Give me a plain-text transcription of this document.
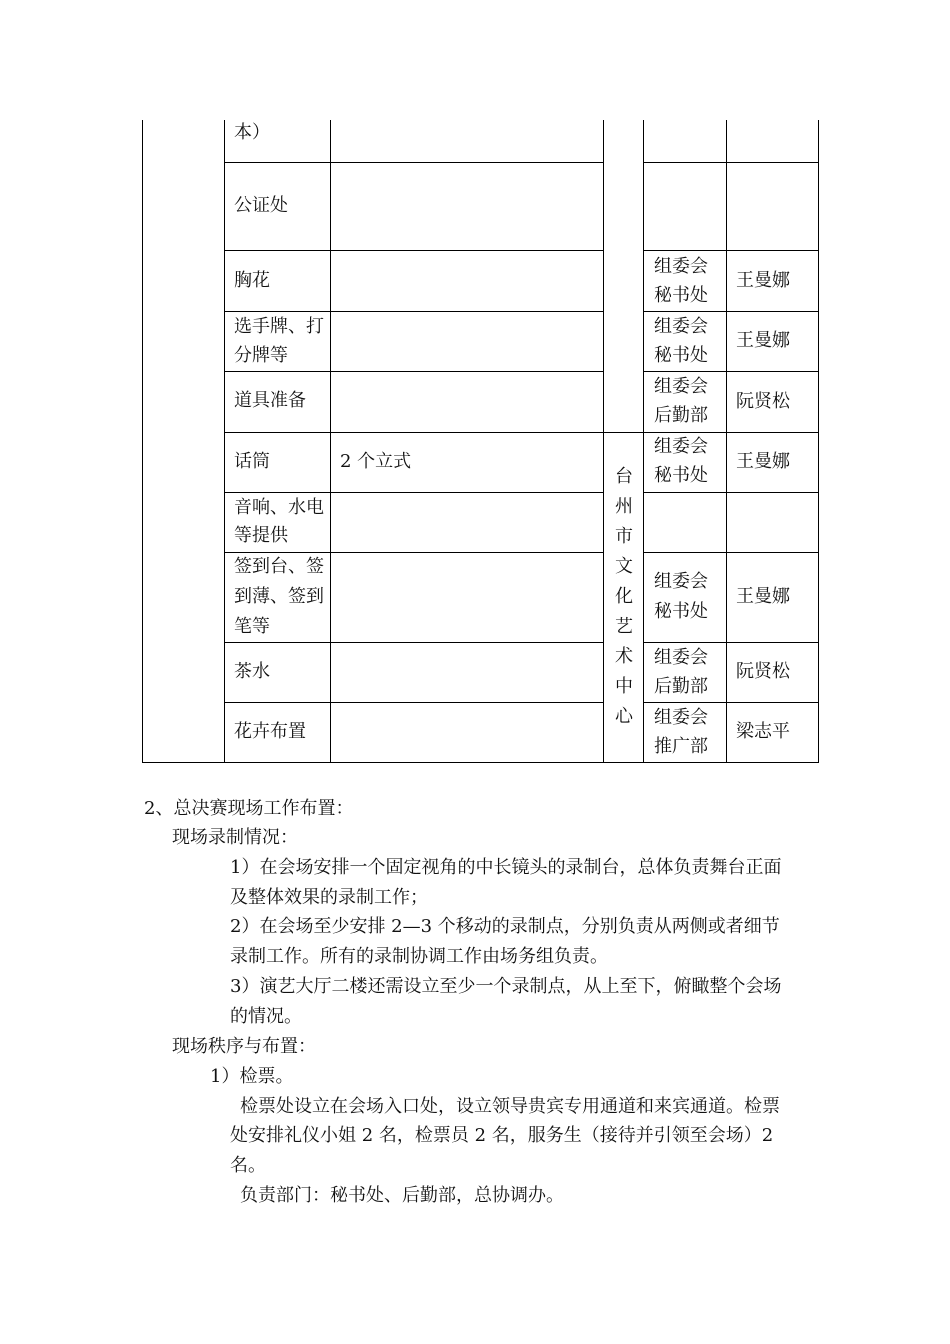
本）
公证处
胸花
组委会
秘书处
王曼娜
选手牌、打
分牌等
组委会
秘书处
王曼娜
道具准备
组委会
后勤部
阮贤松
话筒	2 个立式
组委会
秘书处
王曼娜
音响、水电
等提供
签到台、签
到薄、签到
笔等
组委会
秘书处
王曼娜
茶水
组委会
后勤部
阮贤松
花卉布置
组委会
推广部
梁志平
台
州
市
文
化
艺
术
中
心
2、总决赛现场工作布置：
现场录制情况：
1）在会场安排一个固定视角的中长镜头的录制台，总体负责舞台正面
及整体效果的录制工作；
2）在会场至少安排 2—3 个移动的录制点，分别负责从两侧或者细节
录制工作。所有的录制协调工作由场务组负责。
3）演艺大厅二楼还需设立至少一个录制点，从上至下，俯瞰整个会场
的情况。
现场秩序与布置：
1）检票。
检票处设立在会场入口处，设立领导贵宾专用通道和来宾通道。检票
处安排礼仪小姐 2 名，检票员 2 名，服务生（接待并引领至会场）2
名。
负责部门：秘书处、后勤部，总协调办。
